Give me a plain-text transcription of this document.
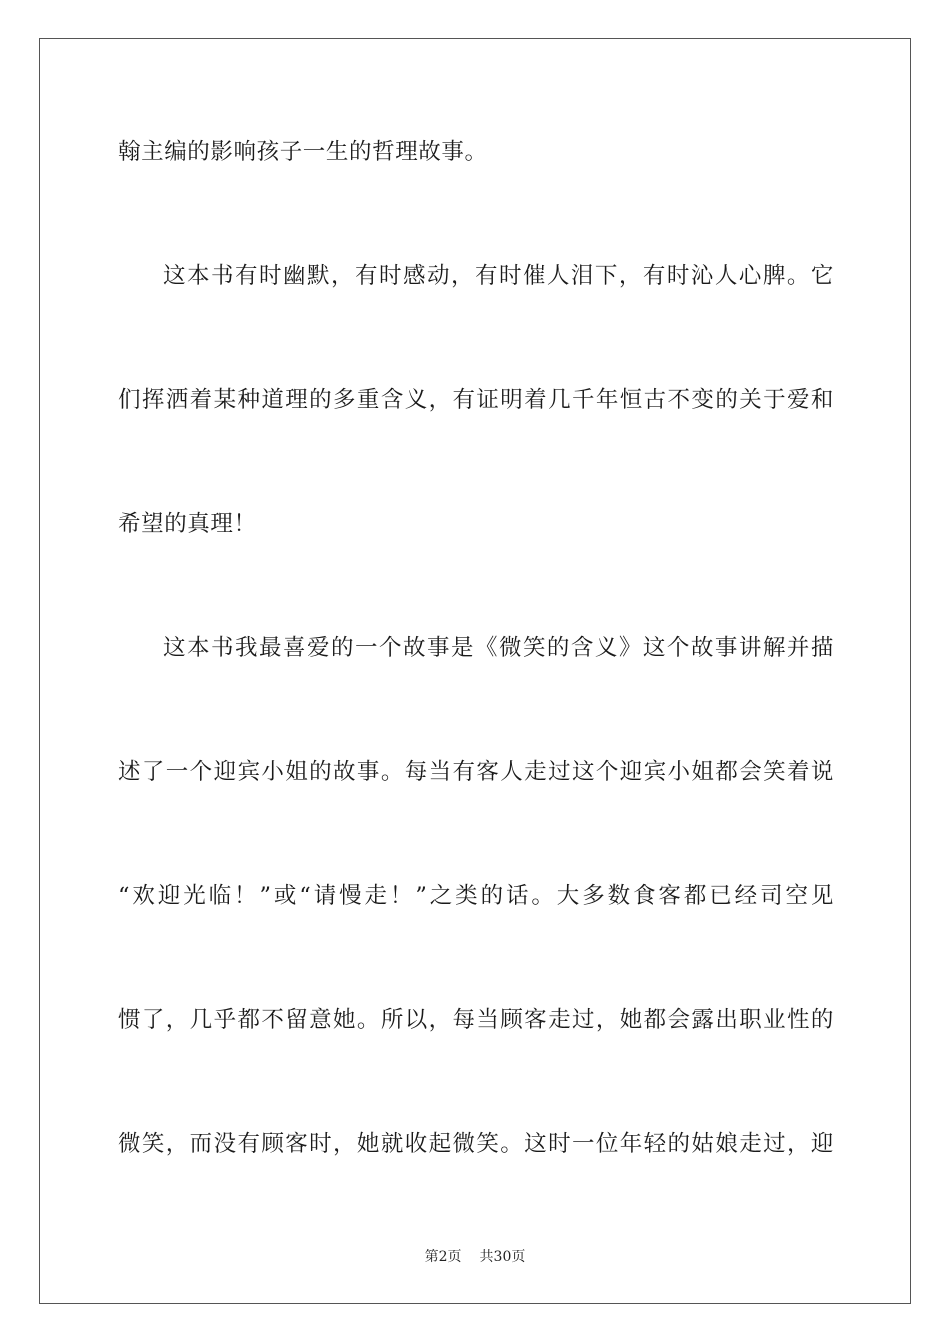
翰主编的影响孩子一生的哲理故事。
这本书有时幽默，有时感动，有时催人泪下，有时沁人心脾。它
们挥洒着某种道理的多重含义，有证明着几千年恒古不变的关于爱和
希望的真理！
这本书我最喜爱的一个故事是《微笑的含义》这个故事讲解并描
述了一个迎宾小姐的故事。每当有客人走过这个迎宾小姐都会笑着说
“欢迎光临！”或“请慢走！”之类的话。大多数食客都已经司空见
惯了，几乎都不留意她。所以，每当顾客走过，她都会露出职业性的
微笑，而没有顾客时，她就收起微笑。这时一位年轻的姑娘走过，迎
第2页 共30页
